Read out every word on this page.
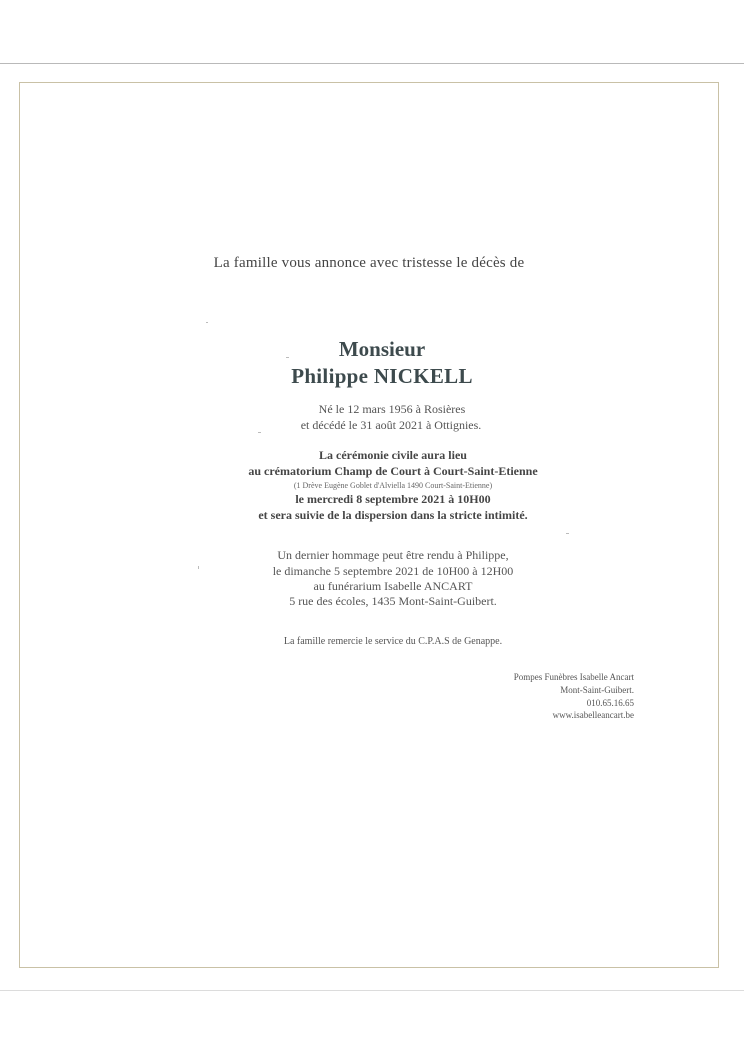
La famille vous annonce avec tristesse le décès de
Monsieur
Philippe NICKELL
Né le 12 mars 1956 à Rosières
et décédé le 31 août 2021 à Ottignies.
La cérémonie civile aura lieu
au crématorium Champ de Court à Court-Saint-Etienne
(1 Drève Eugène Goblet d'Alviella 1490 Court-Saint-Etienne)
le mercredi 8 septembre 2021 à 10H00
et sera suivie de la dispersion dans la stricte intimité.
Un dernier hommage peut être rendu à Philippe,
le dimanche 5 septembre 2021 de 10H00 à 12H00
au funérarium Isabelle ANCART
5 rue des écoles, 1435 Mont-Saint-Guibert.
La famille remercie le service du C.P.A.S de Genappe.
Pompes Funèbres Isabelle Ancart
Mont-Saint-Guibert.
010.65.16.65
www.isabelleancart.be
